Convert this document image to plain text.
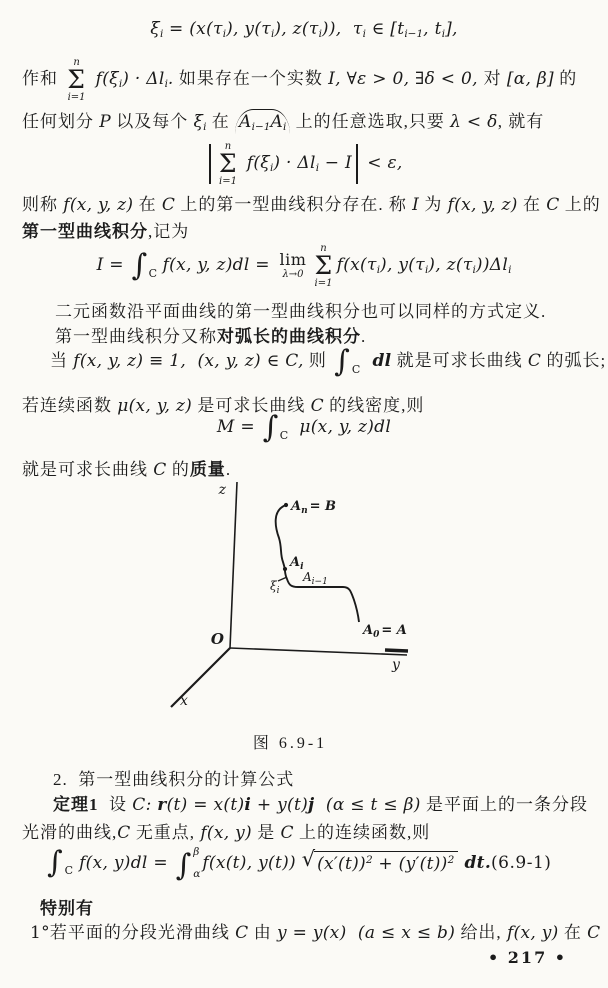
ξi = (x(τi), y(τi), z(τi)),  τi ∈ [ti−1, ti],
作和
n
Σ
i=1
f(ξi) · Δli. 如果存在一个实数 I, ∀ε > 0, ∃δ < 0, 对 [α, β] 的
任何划分 P 以及每个 ξi 在 Ai−1Ai 上的任意选取,只要 λ < δ, 就有
n
Σ
i=1
f(ξi) · Δli − I < ε,
则称 f(x, y, z) 在 C 上的第一型曲线积分存在. 称 I 为 f(x, y, z) 在 C 上的
第一型曲线积分,记为
I = ∫ C f(x, y, z)dl = lim
λ→0
n
Σ
i=1
f(x(τi), y(τi), z(τi))Δli
二元函数沿平面曲线的第一型曲线积分也可以同样的方式定义.
第一型曲线积分又称对弧长的曲线积分.
当 f(x, y, z) ≡ 1,  (x, y, z) ∈ C, 则 ∫ C dl 就是可求长曲线 C 的弧长;
若连续函数 μ(x, y, z) 是可求长曲线 C 的线密度,则
M = ∫ C μ(x, y, z)dl
就是可求长曲线 C 的质量.
z
O
y
x
$A_n = B$
$A_i$
$A_{i-1}$
$\xi_i$
$A_0 = A$
图 6.9-1
2.  第一型曲线积分的计算公式
定理1  设 C: r(t) = x(t)i + y(t)j  (α ≤ t ≤ β) 是平面上的一条分段
光滑的曲线,C 无重点, f(x, y) 是 C 上的连续函数,则
∫ C f(x, y)dl = ∫ β
α
f(x(t), y(t)) √ $(x'(t))^2 + (y'(t))^2$ dt. (6.9-1)
特别有
1°若平面的分段光滑曲线 C 由 y = y(x)  (a ≤ x ≤ b) 给出, f(x, y) 在 C
• 217 •
